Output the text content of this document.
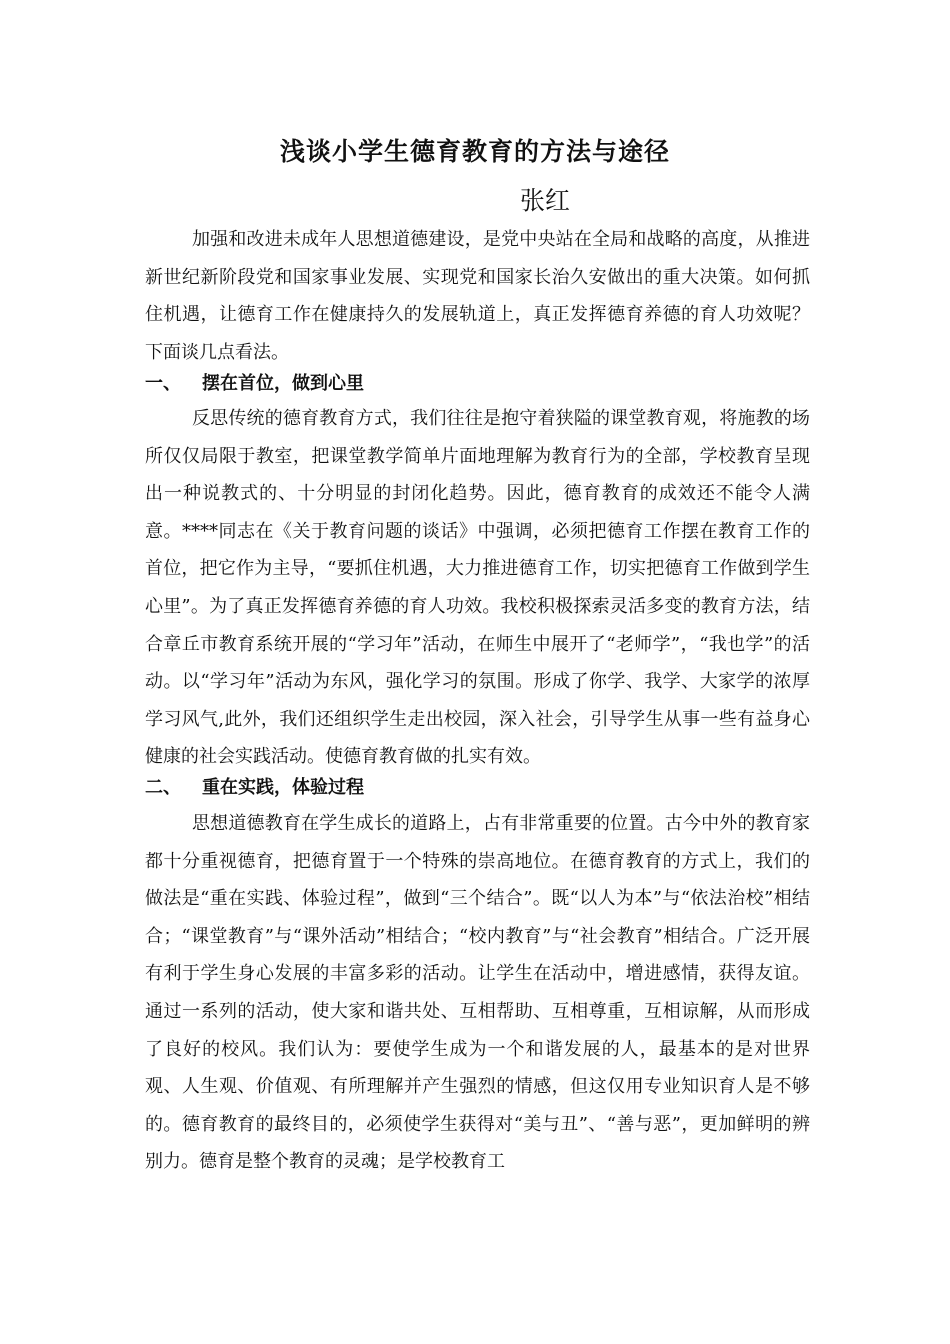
浅谈小学生德育教育的方法与途径
张红

加强和改进未成年人思想道德建设，是党中央站在全局和战略的高度，从推进新世纪新阶段党和国家事业发展、实现党和国家长治久安做出的重大决策。如何抓住机遇，让德育工作在健康持久的发展轨道上，真正发挥德育养德的育人功效呢？下面谈几点看法。

一、 摆在首位，做到心里

反思传统的德育教育方式，我们往往是抱守着狭隘的课堂教育观，将施教的场所仅仅局限于教室，把课堂教学简单片面地理解为教育行为的全部，学校教育呈现出一种说教式的、十分明显的封闭化趋势。因此，德育教育的成效还不能令人满意。****同志在《关于教育问题的谈话》中强调，必须把德育工作摆在教育工作的首位，把它作为主导，“要抓住机遇，大力推进德育工作，切实把德育工作做到学生心里”。为了真正发挥德育养德的育人功效。我校积极探索灵活多变的教育方法，结合章丘市教育系统开展的“学习年”活动，在师生中展开了“老师学”，“我也学”的活动。以“学习年”活动为东风，强化学习的氛围。形成了你学、我学、大家学的浓厚学习风气,此外，我们还组织学生走出校园，深入社会，引导学生从事一些有益身心健康的社会实践活动。使德育教育做的扎实有效。

二、 重在实践，体验过程

思想道德教育在学生成长的道路上，占有非常重要的位置。古今中外的教育家都十分重视德育，把德育置于一个特殊的崇高地位。在德育教育的方式上，我们的做法是“重在实践、体验过程”，做到“三个结合”。既“以人为本”与“依法治校”相结合；“课堂教育”与“课外活动”相结合；“校内教育”与“社会教育”相结合。广泛开展有利于学生身心发展的丰富多彩的活动。让学生在活动中，增进感情，获得友谊。通过一系列的活动，使大家和谐共处、互相帮助、互相尊重，互相谅解，从而形成了良好的校风。我们认为：要使学生成为一个和谐发展的人，最基本的是对世界观、人生观、价值观、有所理解并产生强烈的情感，但这仅用专业知识育人是不够的。德育教育的最终目的，必须使学生获得对“美与丑”、“善与恶”，更加鲜明的辨别力。德育是整个教育的灵魂；是学校教育工
